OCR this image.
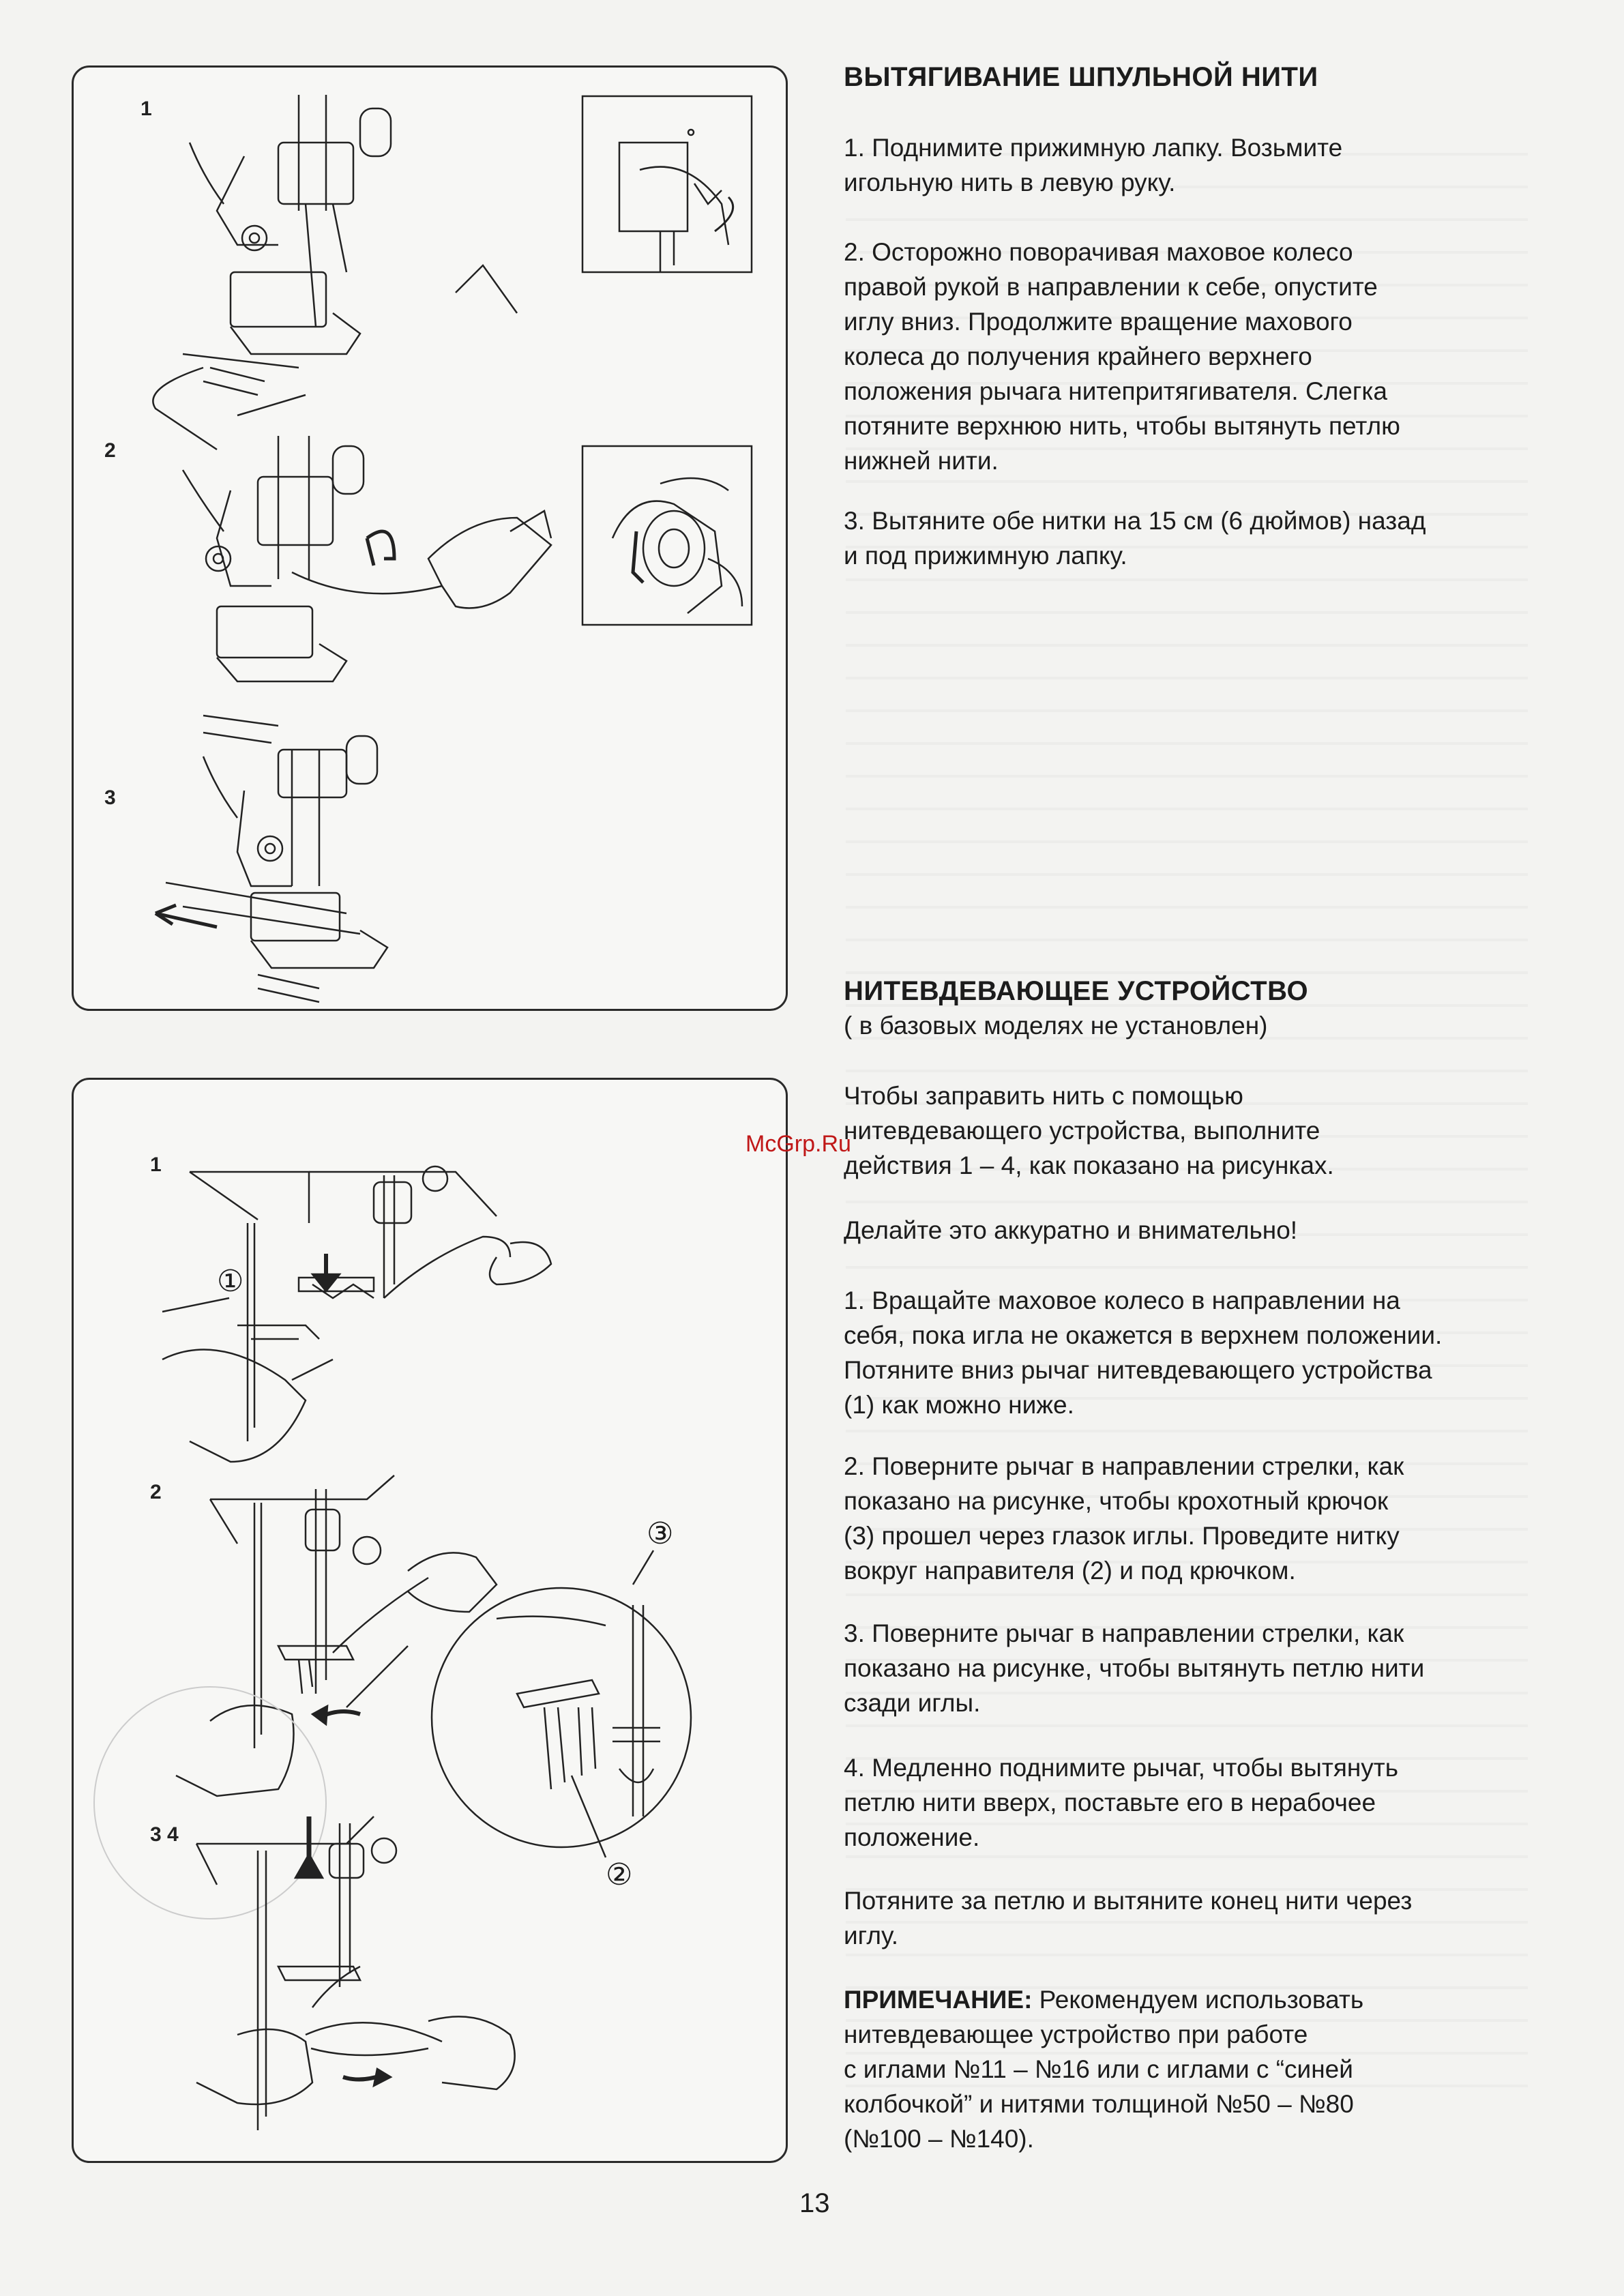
1
2
3
1
2
3 4
①
③
②
McGrp.Ru
ВЫТЯГИВАНИЕ ШПУЛЬНОЙ НИТИ

1. Поднимите прижимную лапку. Возьмите
игольную нить в левую руку.

2. Осторожно поворачивая маховое колесо
правой рукой в направлении к себе, опустите
иглу вниз. Продолжите вращение махового
колеса до получения крайнего верхнего
положения рычага нитепритягивателя. Слегка
потяните верхнюю нить, чтобы вытянуть петлю
нижней нити.

3. Вытяните обе нитки на 15 см (6 дюймов) назад
и под прижимную лапку.

НИТЕВДЕВАЮЩЕЕ УСТРОЙСТВО

( в базовых моделях не установлен)

Чтобы заправить нить с помощью
нитевдевающего устройства, выполните
действия 1 – 4, как показано на рисунках.

Делайте это аккуратно и внимательно!

1. Вращайте маховое колесо в направлении на
себя, пока игла не окажется в верхнем положении.
Потяните вниз рычаг нитевдевающего устройства
(1) как можно ниже.

2. Поверните рычаг в направлении стрелки, как
показано на рисунке, чтобы крохотный крючок
(3) прошел через глазок иглы. Проведите нитку
вокруг направителя (2) и под крючком.

3. Поверните рычаг в направлении стрелки, как
показано на рисунке, чтобы вытянуть петлю нити
сзади иглы.

4. Медленно поднимите рычаг, чтобы вытянуть
петлю нити вверх, поставьте его в нерабочее
положение.

Потяните за петлю и вытяните конец нити через
иглу.

ПРИМЕЧАНИЕ: Рекомендуем использовать
нитевдевающее устройство при работе
с иглами №11 – №16 или с иглами с “синей
колбочкой” и нитями толщиной №50 – №80
(№100 – №140).

13
